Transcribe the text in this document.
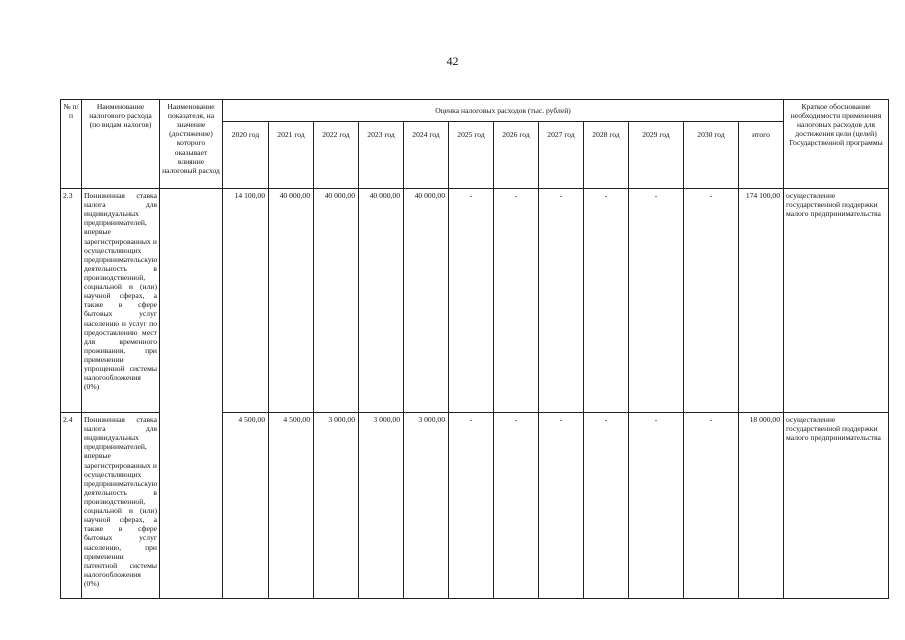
42
№ п/п	Наименование налогового расхода (по видам налогов)	Наименование показателя, на значение (достижение) которого оказывает влияние налоговый расход	Оценка налоговых расходов (тыс. рублей)												Краткое обоснование необходимости применения налоговых расходов для достижения цели (целей) Государственной программы
			2020 год	2021 год	2022 год	2023 год	2024 год	2025 год	2026 год	2027 год	2028 год	2029 год	2030 год	итого	
2.3	Пониженная ставка налога для индивидуальных предпринимателей, впервые зарегистрированных и осуществляющих предпринимательскую деятельность в производственной, социальной и (или) научной сферах, а также в сфере бытовых услуг населению и услуг по предоставлению мест для временного проживания, при применении упрощенной системы налогообложения (0%)		14 100,00	40 000,00	40 000,00	40 000,00	40 000,00	-	-	-	-	-	-	174 100,00	осуществление государственной поддержки малого предпринимательства
2.4	Пониженная ставка налога для индивидуальных предпринимателей, впервые зарегистрированных и осуществляющих предпринимательскую деятельность в производственной, социальной и (или) научной сферах, а также в сфере бытовых услуг населению, при применении патентной системы налогообложения (0%)		4 500,00	4 500,00	3 000,00	3 000,00	3 000,00	-	-	-	-	-	-	18 000,00	осуществление государственной поддержки малого предпринимательства
